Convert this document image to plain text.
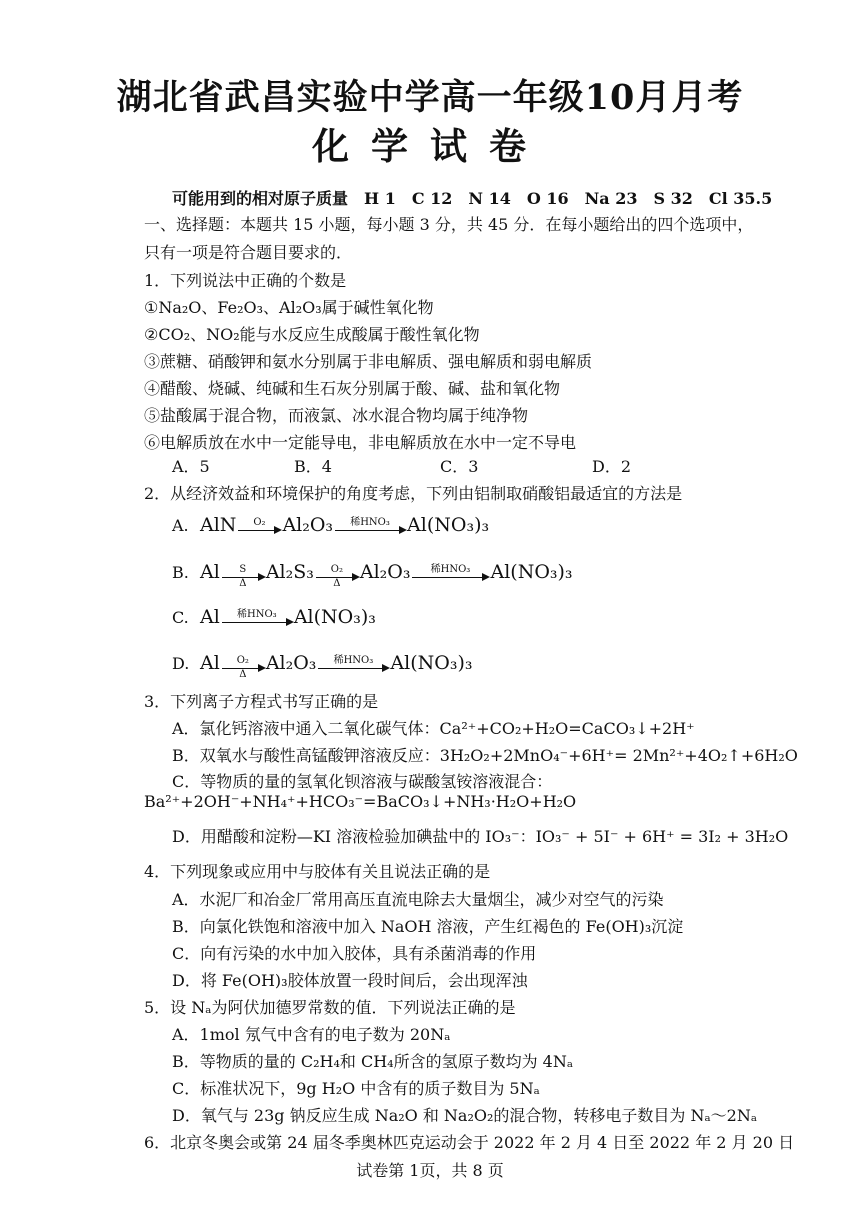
湖北省武昌实验中学高一年级10月月考
化学试卷
可能用到的相对原子质量　H 1　C 12　N 14　O 16　Na 23　S 32　Cl 35.5
一、选择题：本题共 15 小题，每小题 3 分，共 45 分．在每小题给出的四个选项中，
只有一项是符合题目要求的．
1．下列说法中正确的个数是
①Na₂O、Fe₂O₃、Al₂O₃属于碱性氧化物
②CO₂、NO₂能与水反应生成酸属于酸性氧化物
③蔗糖、硝酸钾和氨水分别属于非电解质、强电解质和弱电解质
④醋酸、烧碱、纯碱和生石灰分别属于酸、碱、盐和氧化物
⑤盐酸属于混合物，而液氯、冰水混合物均属于纯净物
⑥电解质放在水中一定能导电，非电解质放在水中一定不导电
A．5	B．4	C．3	D．2
2．从经济效益和环境保护的角度考虑，下列由铝制取硝酸铝最适宜的方法是
A. AlN	O₂ Al₂O₃	稀HNO₃ Al(NO₃)₃
B. Al	S
Δ
Al₂S₃	O₂
Δ
Al₂O₃	稀HNO₃	Al(NO₃)₃
C. Al	稀HNO₃ Al(NO₃)₃
D. Al	O₂
Δ
Al₂O₃	稀HNO₃ Al(NO₃)₃
3．下列离子方程式书写正确的是
A．氯化钙溶液中通入二氧化碳气体：Ca²⁺+CO₂+H₂O=CaCO₃↓+2H⁺
B．双氧水与酸性高锰酸钾溶液反应：3H₂O₂+2MnO₄⁻+6H⁺= 2Mn²⁺+4O₂↑+6H₂O
C．等物质的量的氢氧化钡溶液与碳酸氢铵溶液混合：
Ba²⁺+2OH⁻+NH₄⁺+HCO₃⁻=BaCO₃↓+NH₃·H₂O+H₂O
D．用醋酸和淀粉—KI 溶液检验加碘盐中的 IO₃⁻：IO₃⁻ + 5I⁻ + 6H⁺ = 3I₂ + 3H₂O
4．下列现象或应用中与胶体有关且说法正确的是
A．水泥厂和冶金厂常用高压直流电除去大量烟尘，减少对空气的污染
B．向氯化铁饱和溶液中加入 NaOH 溶液，产生红褐色的 Fe(OH)₃沉淀
C．向有污染的水中加入胶体，具有杀菌消毒的作用
D．将 Fe(OH)₃胶体放置一段时间后，会出现浑浊
5．设 Nₐ为阿伏加德罗常数的值．下列说法正确的是
A．1mol 氖气中含有的电子数为 20Nₐ
B．等物质的量的 C₂H₄和 CH₄所含的氢原子数均为 4Nₐ
C．标准状况下，9g H₂O 中含有的质子数目为 5Nₐ
D．氧气与 23g 钠反应生成 Na₂O 和 Na₂O₂的混合物，转移电子数目为 Nₐ～2Nₐ
6．北京冬奥会或第 24 届冬季奥林匹克运动会于 2022 年 2 月 4 日至 2022 年 2 月 20 日
试卷第 1页，共 8 页
